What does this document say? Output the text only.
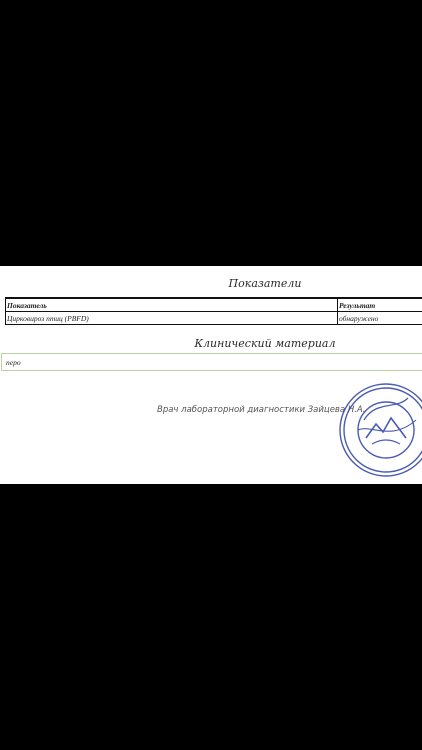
Показатели
Показатель	Результат
Цирковироз птиц (PBFD)	обнаружено
Клинический материал
перо
Врач лабораторной диагностики Зайцева Н.А.
